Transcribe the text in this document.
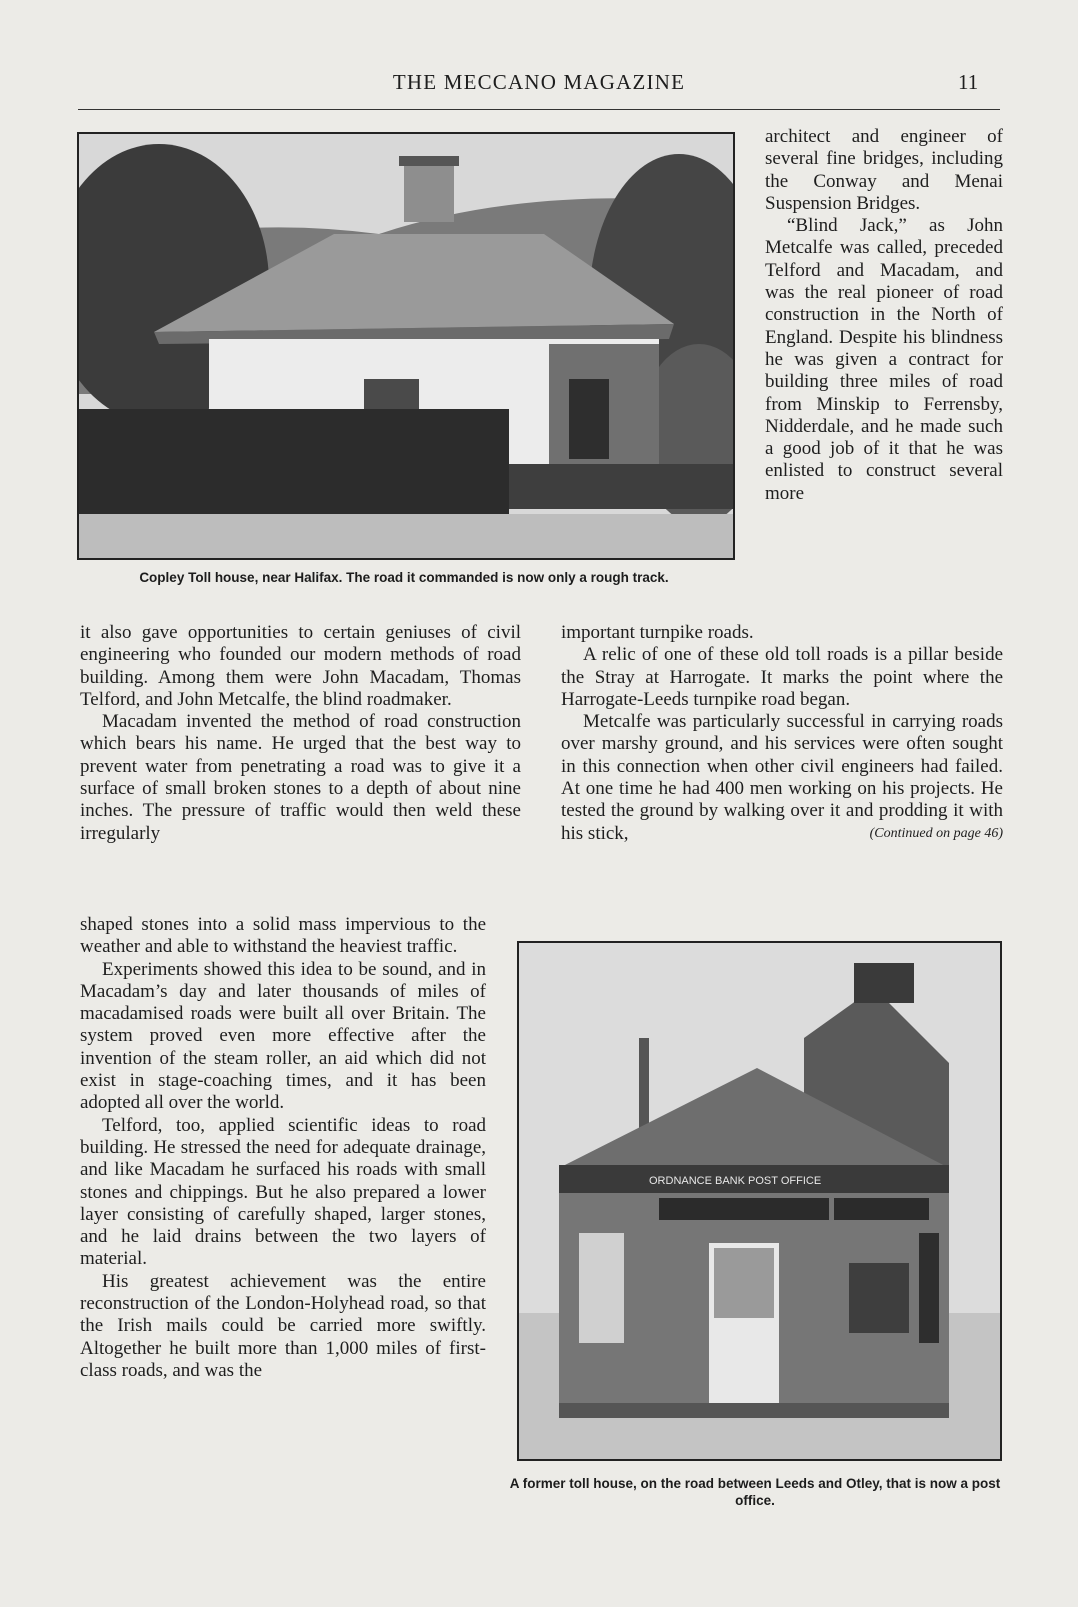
THE MECCANO MAGAZINE	11
Copley Toll house, near Halifax. The road it commanded is now only a rough track.

architect and engineer of several fine bridges, including the Conway and Menai Suspension Bridges.

“Blind Jack,” as John Metcalfe was called, preceded Telford and Macadam, and was the real pioneer of road construction in the North of England. Despite his blindness he was given a contract for building three miles of road from Minskip to Ferrensby, Nidderdale, and he made such a good job of it that he was enlisted to construct several more

important turnpike roads.

A relic of one of these old toll roads is a pillar beside the Stray at Harrogate. It marks the point where the Harrogate-Leeds turnpike road began.

Metcalfe was particularly successful in carrying roads over marshy ground, and his services were often sought in this connection when other civil engineers had failed. At one time he had 400 men working on his projects. He tested the ground by walking over it and prodding it with his stick,	(Continued on page 46)

it also gave opportunities to certain geniuses of civil engineering who founded our modern methods of road building. Among them were John Macadam, Thomas Telford, and John Metcalfe, the blind roadmaker.

Macadam invented the method of road construction which bears his name. He urged that the best way to prevent water from penetrating a road was to give it a surface of small broken stones to a depth of about nine inches. The pressure of traffic would then weld these irregularly

shaped stones into a solid mass impervious to the weather and able to withstand the heaviest traffic.

Experiments showed this idea to be sound, and in Macadam’s day and later thousands of miles of macadamised roads were built all over Britain. The system proved even more effective after the invention of the steam roller, an aid which did not exist in stage-coaching times, and it has been adopted all over the world.

Telford, too, applied scientific ideas to road building. He stressed the need for adequate drainage, and like Macadam he surfaced his roads with small stones and chippings. But he also prepared a lower layer consisting of carefully shaped, larger stones, and he laid drains between the two layers of material.

His greatest achievement was the entire reconstruction of the London-Holyhead road, so that the Irish mails could be carried more swiftly. Altogether he built more than 1,000 miles of first-class roads, and was the

ORDNANCE BANK POST OFFICE
A former toll house, on the road between Leeds and Otley, that is now a post office.
